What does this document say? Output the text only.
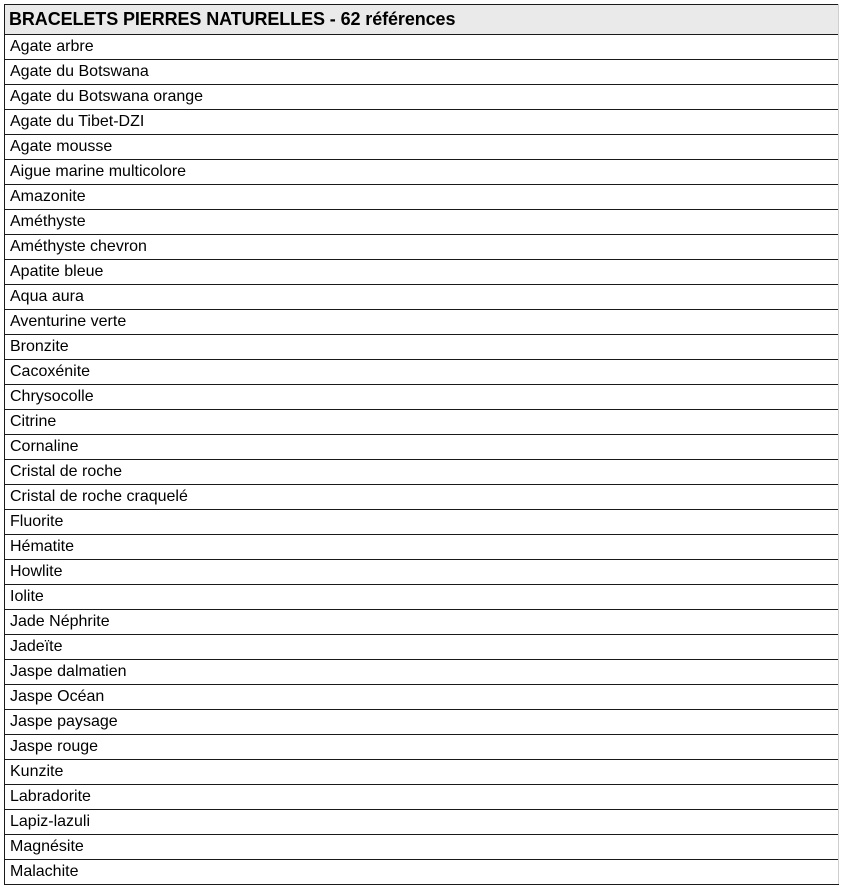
BRACELETS PIERRES NATURELLES - 62 références
Agate arbre
Agate du Botswana
Agate du Botswana orange
Agate du Tibet-DZI
Agate mousse
Aigue marine multicolore
Amazonite
Améthyste
Améthyste chevron
Apatite bleue
Aqua aura
Aventurine verte
Bronzite
Cacoxénite
Chrysocolle
Citrine
Cornaline
Cristal de roche
Cristal de roche craquelé
Fluorite
Hématite
Howlite
Iolite
Jade Néphrite
Jadeïte
Jaspe dalmatien
Jaspe Océan
Jaspe paysage
Jaspe rouge
Kunzite
Labradorite
Lapiz-lazuli
Magnésite
Malachite
